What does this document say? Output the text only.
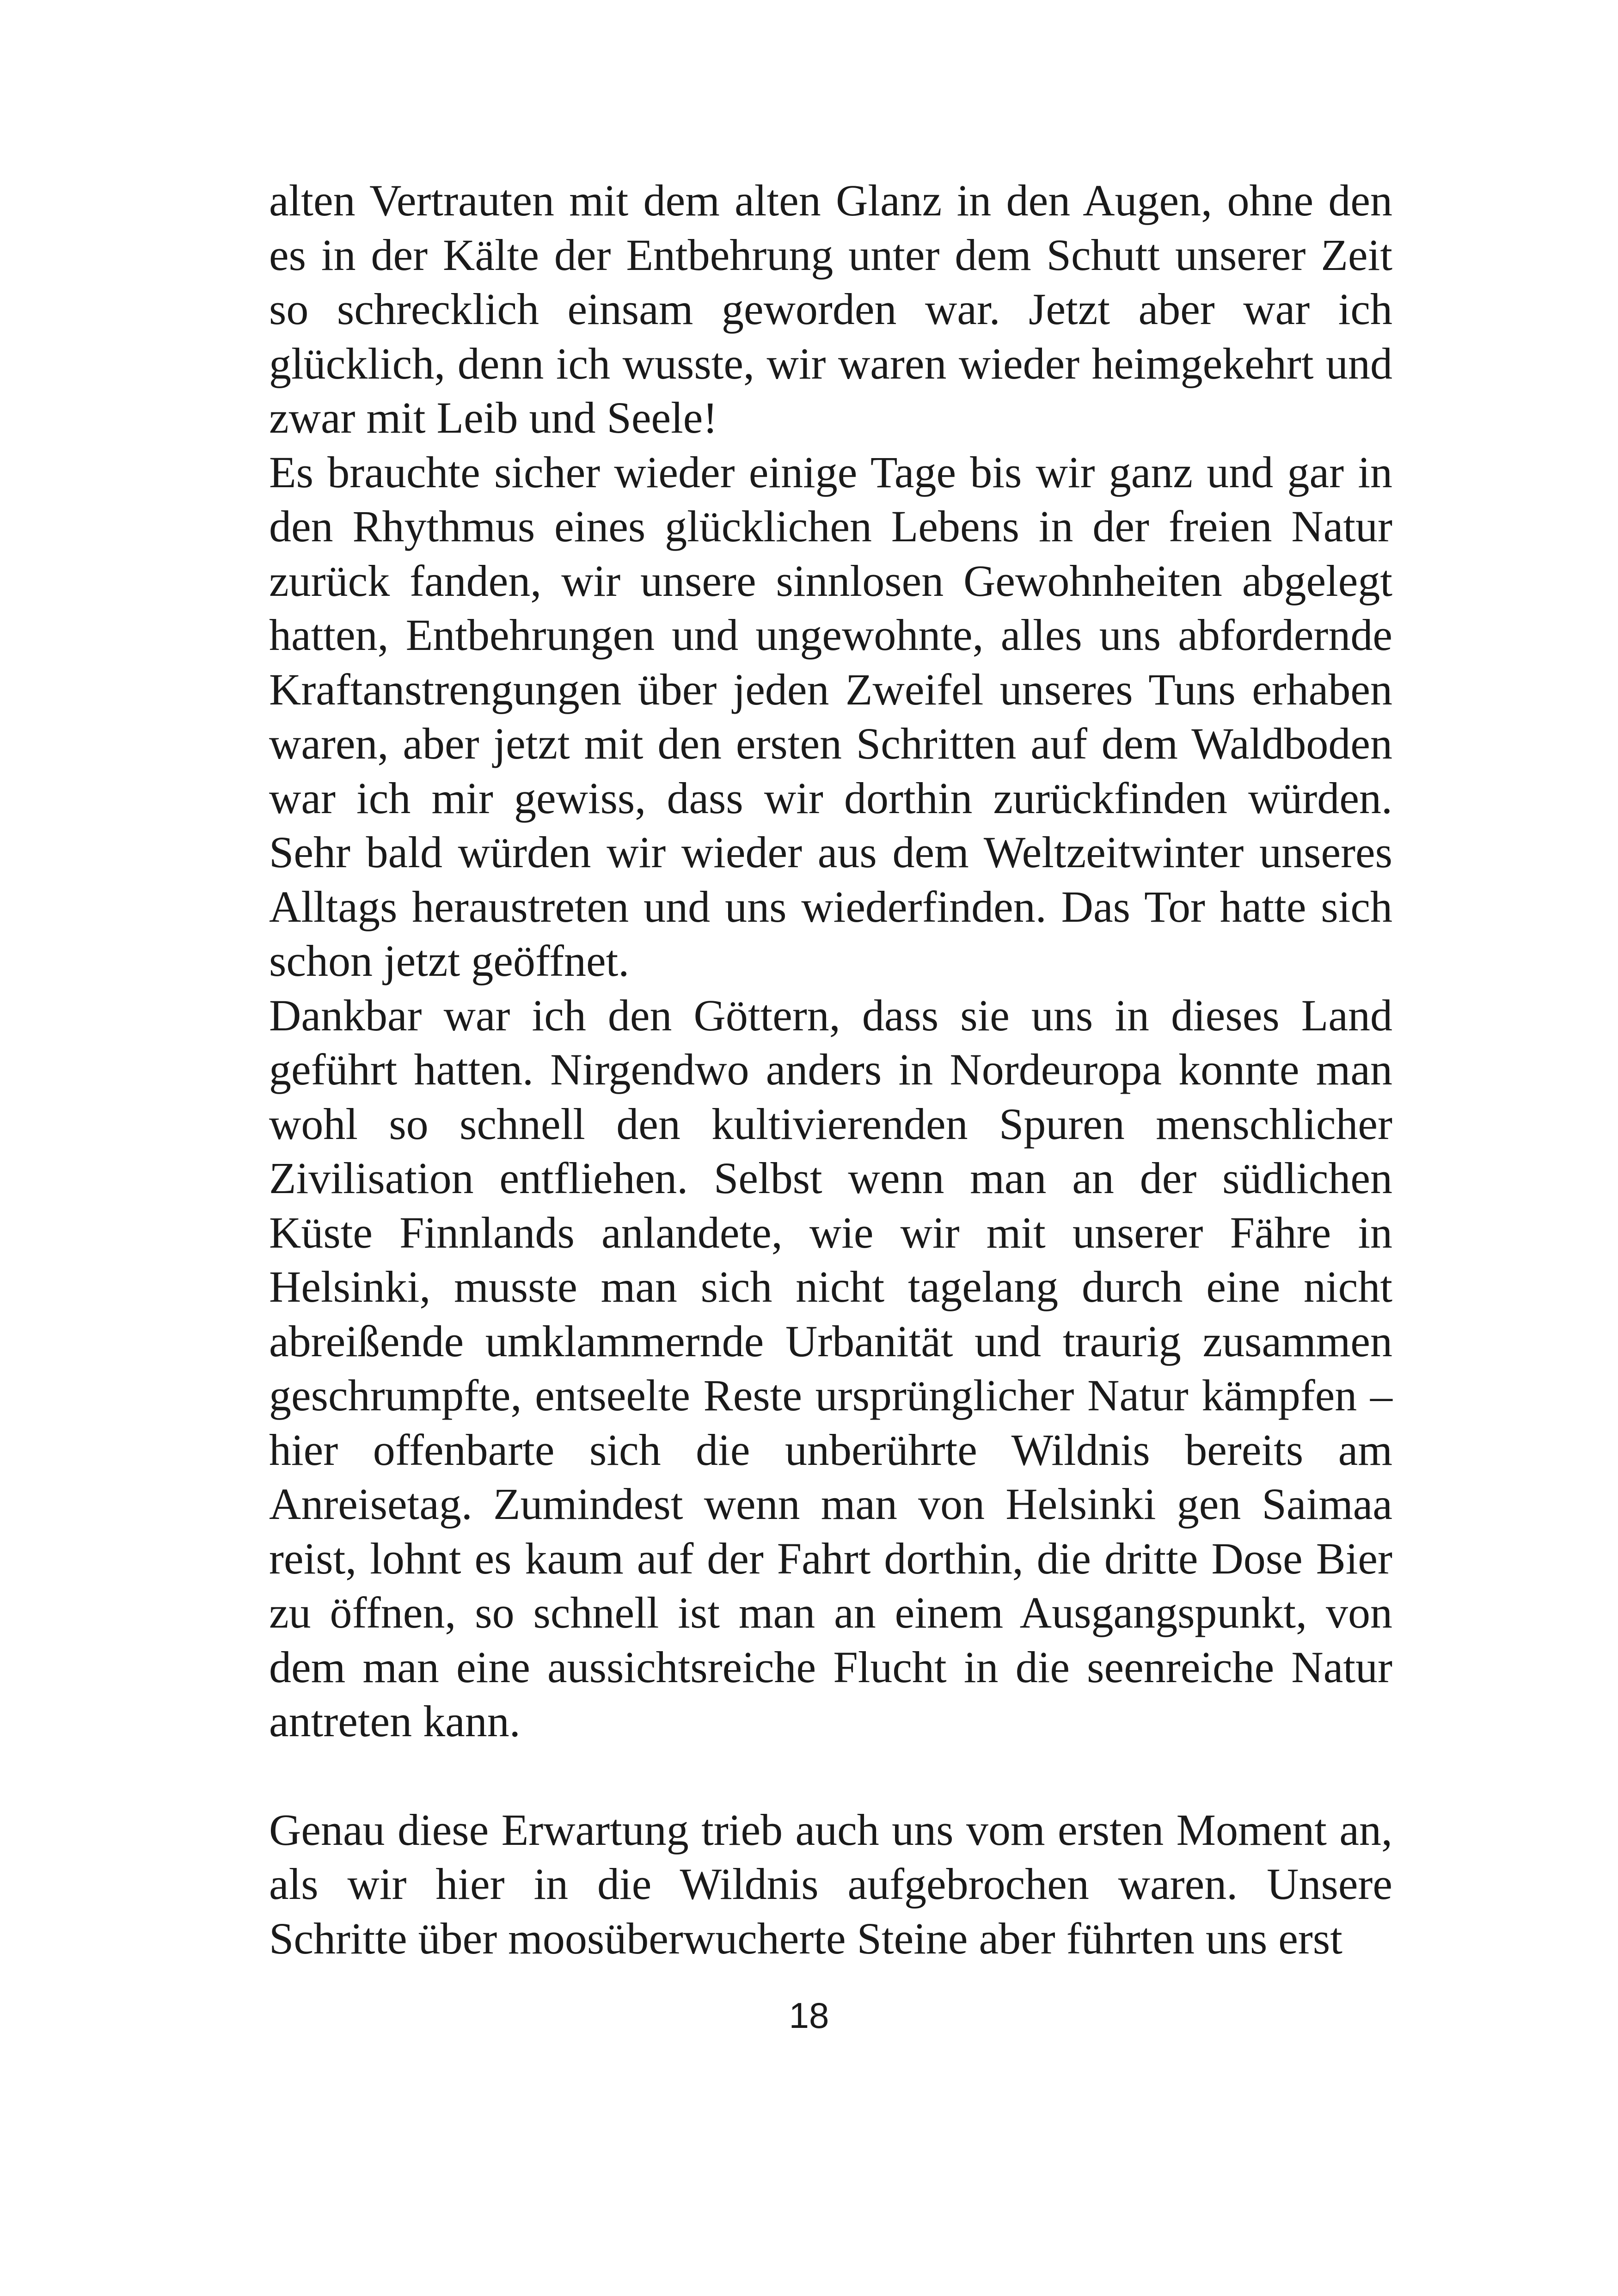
alten Vertrauten mit dem alten Glanz in den Augen, ohne den es in der Kälte der Entbehrung unter dem Schutt unserer Zeit so schrecklich einsam geworden war. Jetzt aber war ich glücklich, denn ich wusste, wir waren wieder heimgekehrt und zwar mit Leib und Seele!

Es brauchte sicher wieder einige Tage bis wir ganz und gar in den Rhythmus eines glücklichen Lebens in der freien Natur zurück fanden, wir unsere sinnlosen Gewohnheiten abgelegt hatten, Entbehrungen und ungewohnte, alles uns abfordernde Kraftanstrengungen über jeden Zweifel unseres Tuns erhaben waren, aber jetzt mit den ersten Schritten auf dem Waldboden war ich mir gewiss, dass wir dorthin zurückfinden würden. Sehr bald würden wir wieder aus dem Weltzeitwinter unseres Alltags heraustreten und uns wiederfinden. Das Tor hatte sich schon jetzt geöffnet.

Dankbar war ich den Göttern, dass sie uns in dieses Land geführt hatten. Nirgendwo anders in Nordeuropa konnte man wohl so schnell den kultivierenden Spuren menschlicher Zivilisation entfliehen. Selbst wenn man an der südlichen Küste Finnlands anlandete, wie wir mit unserer Fähre in Helsinki, musste man sich nicht tagelang durch eine nicht abreißende umklammernde Urbanität und traurig zusammen geschrumpfte, entseelte Reste ursprünglicher Natur kämpfen – hier offenbarte sich die unberührte Wildnis bereits am Anreisetag. Zumindest wenn man von Helsinki gen Saimaa reist, lohnt es kaum auf der Fahrt dorthin, die dritte Dose Bier zu öffnen, so schnell ist man an einem Ausgangspunkt, von dem man eine aussichtsreiche Flucht in die seenreiche Natur antreten kann.

Genau diese Erwartung trieb auch uns vom ersten Moment an, als wir hier in die Wildnis aufgebrochen waren. Unsere Schritte über moosüberwucherte Steine aber führten uns erst

18
